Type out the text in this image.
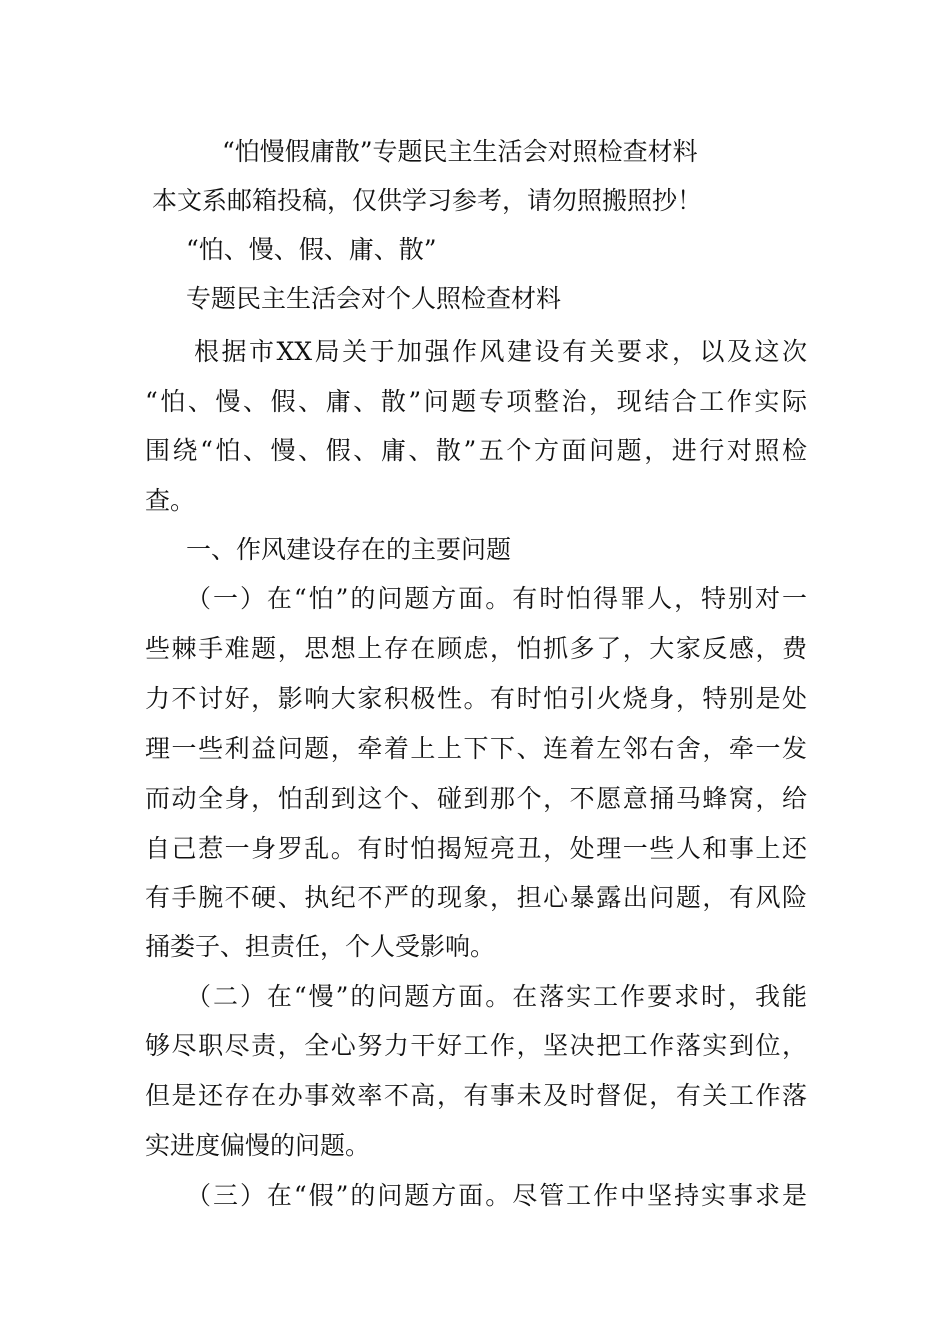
“怕慢假庸散”专题民主生活会对照检查材料
本文系邮箱投稿，仅供学习参考，请勿照搬照抄！
“怕、慢、假、庸、散”
专题民主生活会对个人照检查材料
根据市XX局关于加强作风建设有关要求，以及这次
“怕、慢、假、庸、散”问题专项整治，现结合工作实际
围绕“怕、慢、假、庸、散”五个方面问题，进行对照检
查。
一、作风建设存在的主要问题
（一）在“怕”的问题方面。有时怕得罪人，特别对一
些棘手难题，思想上存在顾虑，怕抓多了，大家反感，费
力不讨好，影响大家积极性。有时怕引火烧身，特别是处
理一些利益问题，牵着上上下下、连着左邻右舍，牵一发
而动全身，怕刮到这个、碰到那个，不愿意捅马蜂窝，给
自己惹一身罗乱。有时怕揭短亮丑，处理一些人和事上还
有手腕不硬、执纪不严的现象，担心暴露出问题，有风险
捅娄子、担责任，个人受影响。
（二）在“慢”的问题方面。在落实工作要求时，我能
够尽职尽责，全心努力干好工作，坚决把工作落实到位，
但是还存在办事效率不高，有事未及时督促，有关工作落
实进度偏慢的问题。
（三）在“假”的问题方面。尽管工作中坚持实事求是
